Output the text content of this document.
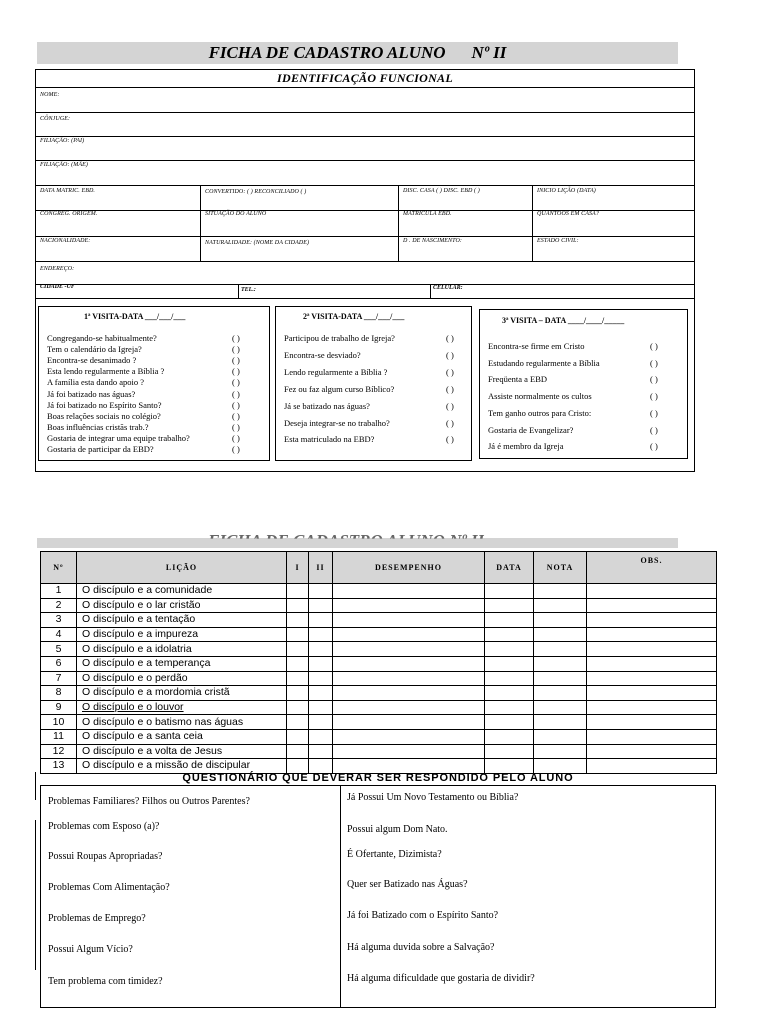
FICHA DE CADASTRO ALUNO Nº II
IDENTIFICAÇÃO FUNCIONAL
NOME:
CÔNJUGE:
FILIAÇÃO: (PAI)
FILIAÇÃO: (MÃE)
DATA MATRIC. EBD.	CONVERTIDO: ( ) RECONCILIADO ( )	DISC. CASA ( ) DISC. EBD ( )	INICIO LIÇÃO (DATA)
CONGREG. ORIGEM.	SITUAÇÃO DO ALUNO	MATRICULA EBD.	QUANTOOS EM CASA?
NACIONALIDADE:	NATURALIDADE: (NOME DA CIDADE)	D . DE NASCIMENTO:	ESTADO CIVIL:
ENDEREÇO:
CIDADE -UF	TEL.:	CELULAR:
1ª VISITA-DATA ___/___/___	2ª VISITA-DATA ___/___/___	3ª VISITA – DATA ____/____/_____
Congregando-se habitualmente?	( )
Tem o calendário da Igreja?	( )
Encontra-se desanimado ?	( )
Esta lendo regularmente a Bíblia ?	( )
A família esta dando apoio ?	( )
Já foi batizado nas águas?	( )
Já foi batizado no Espírito Santo?	( )
Boas relações sociais no colégio?	( )
Boas influências cristãs trab.?	( )
Gostaria de integrar uma equipe trabalho?	( )
Gostaria de participar da EBD?	( )
Participou de trabalho de Igreja?	( )
Encontra-se desviado?	( )
Lendo regularmente a Bíblia ?	( )
Fez ou faz algum curso Bíblico?	( )
Já se batizado nas águas?	( )
Deseja integrar-se no trabalho?	( )
Esta matriculado na EBD?	( )
Encontra-se firme em Cristo	( )
Estudando regularmente a Bíblia	( )
Freqüenta a EBD	( )
Assiste normalmente os cultos	( )
Tem ganho outros para Cristo:	( )
Gostaria de Evangelizar?	( )
Já é membro da Igreja	( )
Nº	LIÇÃO	I	II	DESEMPENHO	DATA	NOTA	OBS.
1	O discípulo e a comunidade						
2	O discípulo e o lar cristão						
3	O discípulo e a tentação						
4	O discípulo e a impureza						
5	O discípulo e a idolatria						
6	O discípulo e a temperança						
7	O discípulo e o perdão						
8	O discípulo e a mordomia cristã						
9	O discípulo e o louvor						
10	O discípulo e o batismo nas águas						
11	O discípulo e a santa ceia						
12	O discípulo e a volta de Jesus						
13	O discípulo e a missão de discipular						
QUESTIONÁRIO QUE DEVERAR SER RESPONDIDO PELO ALUNO
Problemas Familiares? Filhos ou Outros Parentes?
Problemas com Esposo (a)?
Possui Roupas Apropriadas?
Problemas Com Alimentação?
Problemas de Emprego?
Possui Algum Vício?
Tem problema com timidez?
Já Possui Um Novo Testamento ou Bíblia?
Possui algum Dom Nato.
É Ofertante, Dizimista?
Quer ser Batizado nas Águas?
Já foi Batizado com o Espírito Santo?
Há alguma duvida sobre a Salvação?
Há alguma dificuldade que gostaria de dividir?
